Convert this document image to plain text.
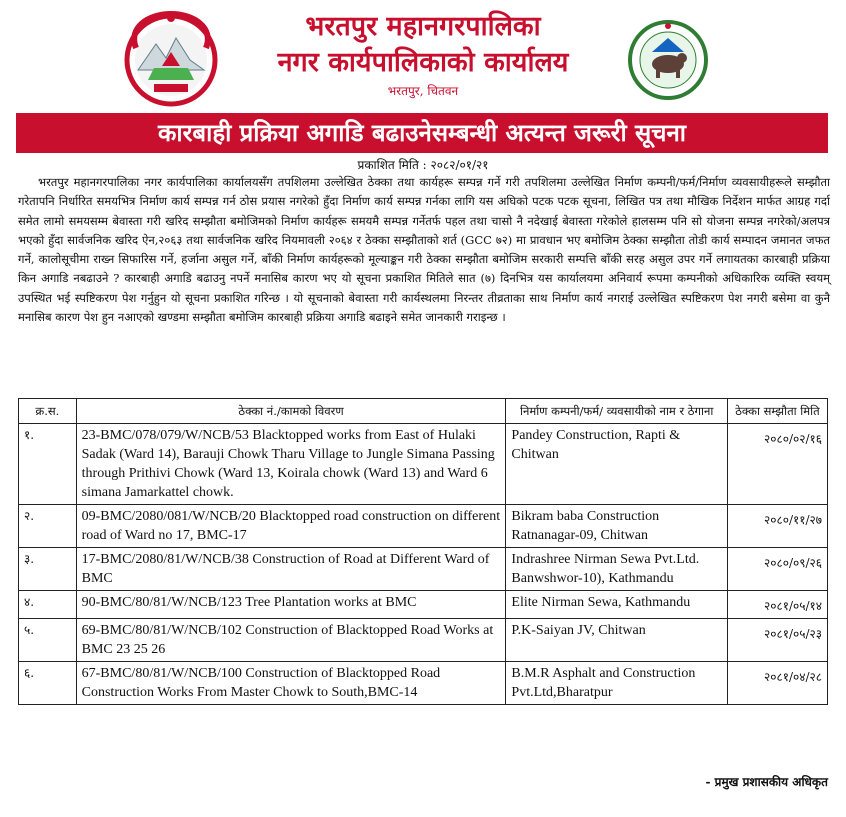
भरतपुर महानगरपालिका
नगर कार्यपालिकाको कार्यालय
भरतपुर, चितवन
कारबाही प्रक्रिया अगाडि बढाउनेसम्बन्धी अत्यन्त जरूरी सूचना
प्रकाशित मिति : २०८२/०१/२१
भरतपुर महानगरपालिका नगर कार्यपालिका कार्यालयसँग तपशिलमा उल्लेखित ठेक्का तथा कार्यहरू सम्पन्न गर्ने गरी तपशिलमा उल्लेखित निर्माण कम्पनी/फर्म/निर्माण व्यवसायीहरूले सम्झौता गरेतापनि निर्धारित समयभित्र निर्माण कार्य सम्पन्न गर्न ठोस प्रयास नगरेको हुँदा निर्माण कार्य सम्पन्न गर्नका लागि यस अघिको पटक पटक सूचना, लिखित पत्र तथा मौखिक निर्देशन मार्फत आग्रह गर्दा समेत लामो समयसम्म बेवास्ता गरी खरिद सम्झौता बमोजिमको निर्माण कार्यहरू समयमै सम्पन्न गर्नेतर्फ पहल तथा चासो नै नदेखाई बेवास्ता गरेकोले हालसम्म पनि सो योजना सम्पन्न नगरेको/अलपत्र भएको हुँदा सार्वजनिक खरिद ऐन,२०६३ तथा सार्वजनिक खरिद नियमावली २०६४ र ठेक्का सम्झौताको शर्त (GCC ७२) मा प्रावधान भए बमोजिम ठेक्का सम्झौता तोडी कार्य सम्पादन जमानत जफत गर्ने, कालोसूचीमा राख्न सिफारिस गर्ने, हर्जाना असुल गर्ने, बाँकी निर्माण कार्यहरूको मूल्याङ्कन गरी ठेक्का सम्झौता बमोजिम सरकारी सम्पत्ति बाँकी सरह असुल उपर गर्ने लगायतका कारबाही प्रक्रिया किन अगाडि नबढाउने ? कारबाही अगाडि बढाउनु नपर्ने मनासिब कारण भए यो सूचना प्रकाशित मितिले सात (७) दिनभित्र यस कार्यालयमा अनिवार्य रूपमा कम्पनीको अधिकारिक व्यक्ति स्वयम् उपस्थित भई स्पष्टिकरण पेश गर्नुहुन यो सूचना प्रकाशित गरिन्छ । यो सूचनाको बेवास्ता गरी कार्यस्थलमा निरन्तर तीव्रताका साथ निर्माण कार्य नगराई उल्लेखित स्पष्टिकरण पेश नगरी बसेमा वा कुनै मनासिब कारण पेश हुन नआएको खण्डमा सम्झौता बमोजिम कारबाही प्रक्रिया अगाडि बढाइने समेत जानकारी गराइन्छ ।
क्र.स.	ठेक्का नं./कामको विवरण	निर्माण कम्पनी/फर्म/ व्यवसायीको नाम र ठेगाना	ठेक्का सम्झौता मिति
१.	23-BMC/078/079/W/NCB/53 Blacktopped works from East of Hulaki Sadak (Ward 14), Barauji Chowk Tharu Village to Jungle Simana Passing through Prithivi Chowk (Ward 13, Koirala chowk (Ward 13) and Ward 6 simana Jamarkattel chowk.	Pandey Construction, Rapti & Chitwan	२०८०/०२/१६
२.	09-BMC/2080/081/W/NCB/20 Blacktopped road construction on different road of Ward no 17, BMC-17	Bikram baba Construction Ratnanagar-09, Chitwan	२०८०/११/२७
३.	17-BMC/2080/81/W/NCB/38 Construction of Road at Different Ward of BMC	Indrashree Nirman Sewa Pvt.Ltd. Banwshwor-10), Kathmandu	२०८०/०९/२६
४.	90-BMC/80/81/W/NCB/123 Tree Plantation works at BMC	Elite Nirman Sewa, Kathmandu	२०८१/०५/१४
५.	69-BMC/80/81/W/NCB/102 Construction of Blacktopped Road Works at BMC 23 25 26	P.K-Saiyan JV, Chitwan	२०८१/०५/२३
६.	67-BMC/80/81/W/NCB/100 Construction of Blacktopped Road Construction Works From Master Chowk to South,BMC-14	B.M.R Asphalt and Construction Pvt.Ltd,Bharatpur	२०८१/०४/२८
- प्रमुख प्रशासकीय अधिकृत
